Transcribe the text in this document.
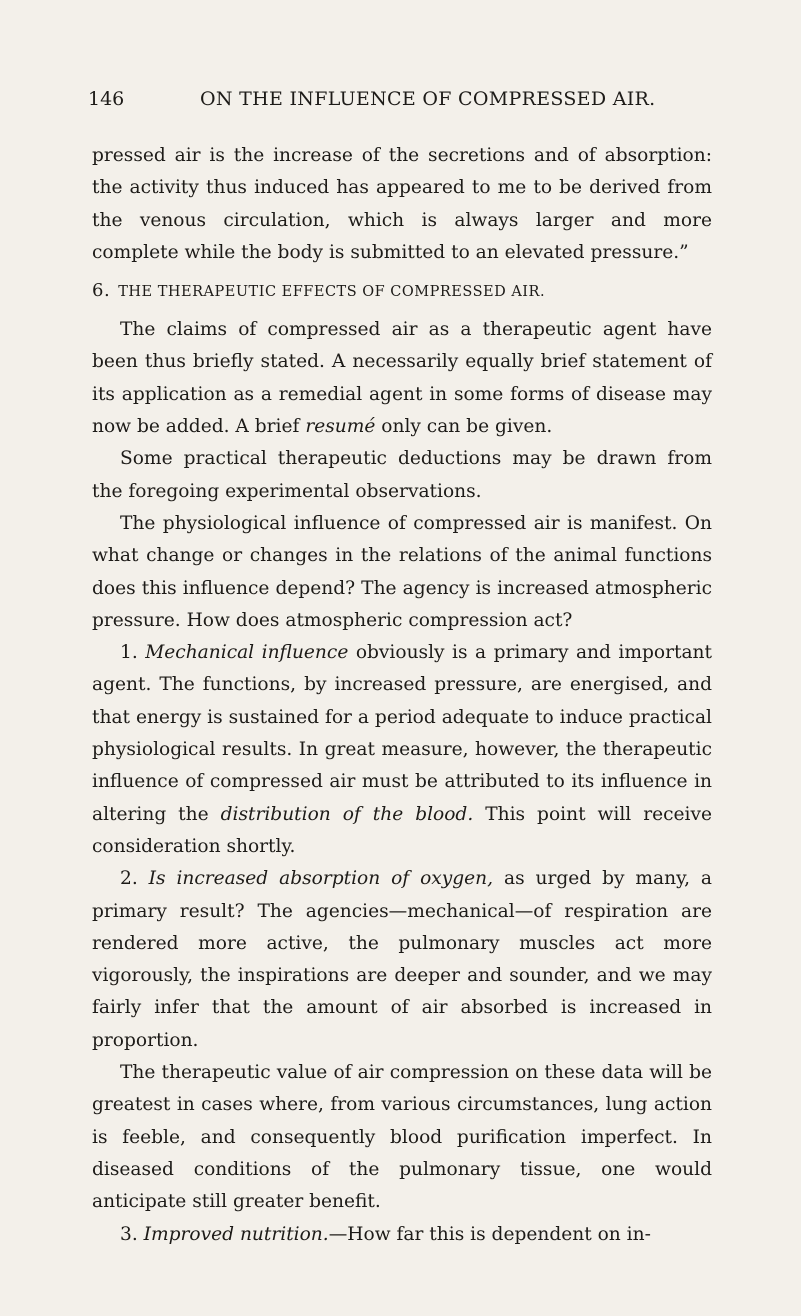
146	ON THE INFLUENCE OF COMPRESSED AIR.

pressed air is the increase of the secretions and of absorption: the activity thus induced has appeared to me to be derived from the venous circulation, which is always larger and more complete while the body is submitted to an elevated pressure.”

6. THE THERAPEUTIC EFFECTS OF COMPRESSED AIR.

The claims of compressed air as a therapeutic agent have been thus briefly stated. A necessarily equally brief statement of its application as a remedial agent in some forms of disease may now be added. A brief resumé only can be given.

Some practical therapeutic deductions may be drawn from the foregoing experimental observations.

The physiological influence of compressed air is manifest. On what change or changes in the relations of the animal functions does this influence depend? The agency is increased atmospheric pressure. How does atmospheric compression act?

1. Mechanical influence obviously is a primary and important agent. The functions, by increased pressure, are energised, and that energy is sustained for a period adequate to induce practical physiological results. In great measure, however, the therapeutic influence of compressed air must be attributed to its influence in altering the distribution of the blood. This point will receive consideration shortly.

2. Is increased absorption of oxygen, as urged by many, a primary result? The agencies—mechanical—of respiration are rendered more active, the pulmonary muscles act more vigorously, the inspirations are deeper and sounder, and we may fairly infer that the amount of air absorbed is increased in proportion.

The therapeutic value of air compression on these data will be greatest in cases where, from various circumstances, lung action is feeble, and consequently blood purification imperfect. In diseased conditions of the pulmonary tissue, one would anticipate still greater benefit.

3. Improved nutrition.—How far this is dependent on in-
